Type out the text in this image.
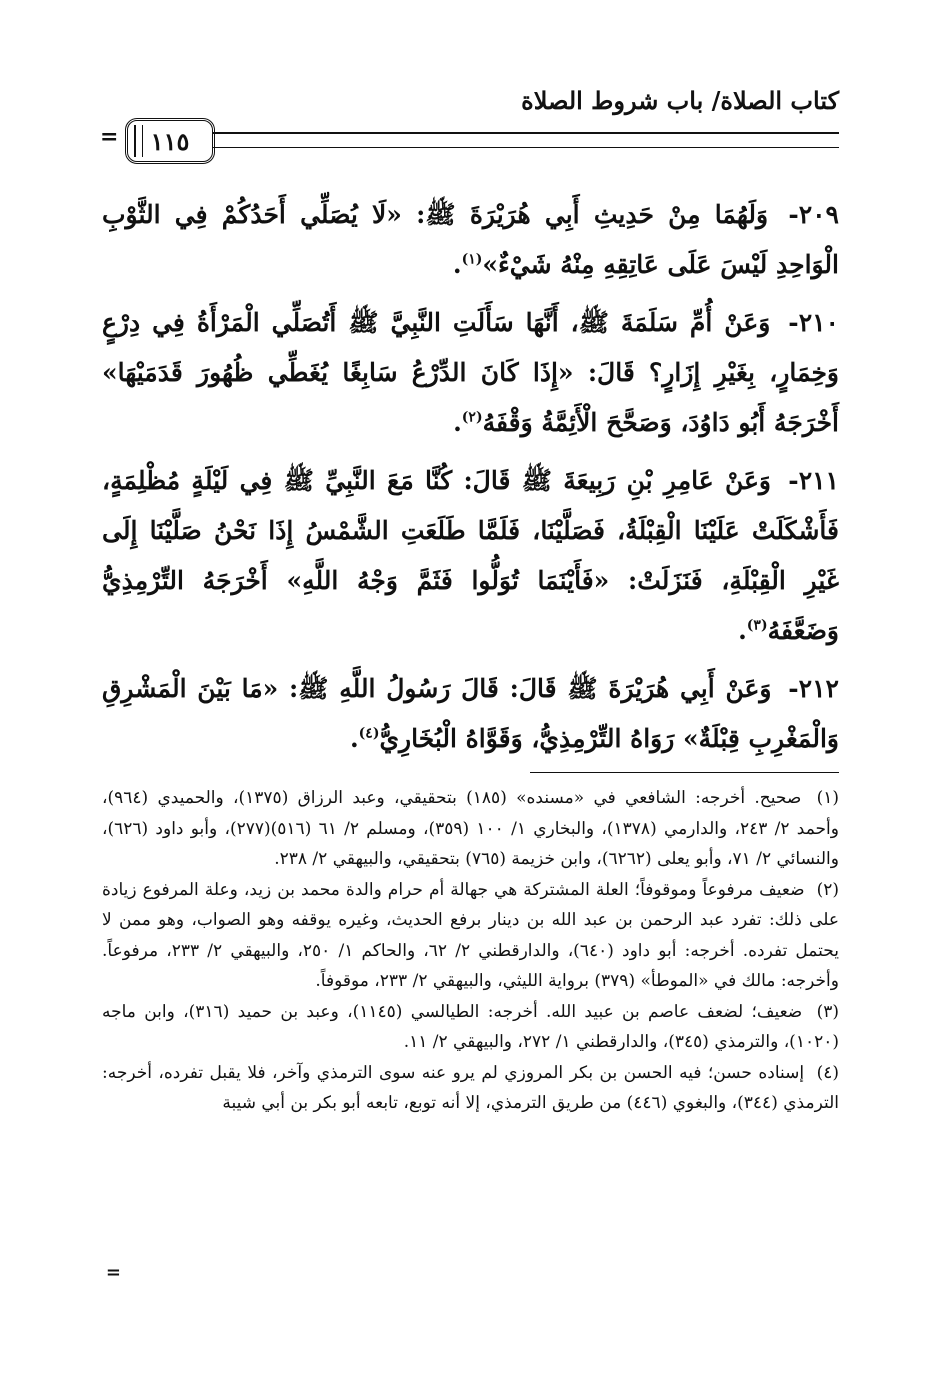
كتاب الصلاة/ باب شروط الصلاة
١١٥
=

٢٠٩- وَلَهُمَا مِنْ حَدِيثِ أَبِي هُرَيْرَةَ ﷺ: «لَا يُصَلِّي أَحَدُكُمْ فِي الثَّوْبِ الْوَاحِدِ لَيْسَ عَلَى عَاتِقِهِ مِنْهُ شَيْءٌ»$^{(١)}$.

٢١٠- وَعَنْ أُمِّ سَلَمَةَ ﷺ، أَنَّهَا سَأَلَتِ النَّبِيَّ ﷺ أَتُصَلِّي الْمَرْأَةُ فِي دِرْعٍ وَخِمَارٍ، بِغَيْرِ إِزَارٍ؟ قَالَ: «إِذَا كَانَ الدِّرْعُ سَابِغًا يُغَطِّي ظُهُورَ قَدَمَيْهَا» أَخْرَجَهُ أَبُو دَاوُدَ، وَصَحَّحَ الْأَئِمَّةُ وَقْفَهُ$^{(٢)}$.

٢١١- وَعَنْ عَامِرِ بْنِ رَبِيعَةَ ﷺ قَالَ: كُنَّا مَعَ النَّبِيِّ ﷺ فِي لَيْلَةٍ مُظْلِمَةٍ، فَأَشْكَلَتْ عَلَيْنَا الْقِبْلَةُ، فَصَلَّيْنَا، فَلَمَّا طَلَعَتِ الشَّمْسُ إِذَا نَحْنُ صَلَّيْنَا إِلَى غَيْرِ الْقِبْلَةِ، فَنَزَلَتْ: «فَأَيْنَمَا تُوَلُّوا فَثَمَّ وَجْهُ اللَّهِ» أَخْرَجَهُ التِّرْمِذِيُّ وَضَعَّفَهُ$^{(٣)}$.

٢١٢- وَعَنْ أَبِي هُرَيْرَةَ ﷺ قَالَ: قَالَ رَسُولُ اللَّهِ ﷺ: «مَا بَيْنَ الْمَشْرِقِ وَالْمَغْرِبِ قِبْلَةٌ» رَوَاهُ التِّرْمِذِيُّ، وَقَوَّاهُ الْبُخَارِيُّ$^{(٤)}$.

(١) صحيح. أخرجه: الشافعي في «مسنده» (١٨٥) بتحقيقي، وعبد الرزاق (١٣٧٥)، والحميدي (٩٦٤)، وأحمد ٢/ ٢٤٣، والدارمي (١٣٧٨)، والبخاري ١/ ١٠٠ (٣٥٩)، ومسلم ٢/ ٦١ (٥١٦)(٢٧٧)، وأبو داود (٦٢٦)، والنسائي ٢/ ٧١، وأبو يعلى (٦٢٦٢)، وابن خزيمة (٧٦٥) بتحقيقي، والبيهقي ٢/ ٢٣٨.

(٢) ضعيف مرفوعاً وموقوفاً؛ العلة المشتركة هي جهالة أم حرام والدة محمد بن زيد، وعلة المرفوع زيادة على ذلك: تفرد عبد الرحمن بن عبد الله بن دينار برفع الحديث، وغيره يوقفه وهو الصواب، وهو ممن لا يحتمل تفرده. أخرجه: أبو داود (٦٤٠)، والدارقطني ٢/ ٦٢، والحاكم ١/ ٢٥٠، والبيهقي ٢/ ٢٣٣، مرفوعاً. وأخرجه: مالك في «الموطأ» (٣٧٩) برواية الليثي، والبيهقي ٢/ ٢٣٣، موقوفاً.

(٣) ضعيف؛ لضعف عاصم بن عبيد الله. أخرجه: الطيالسي (١١٤٥)، وعبد بن حميد (٣١٦)، وابن ماجه (١٠٢٠)، والترمذي (٣٤٥)، والدارقطني ١/ ٢٧٢، والبيهقي ٢/ ١١.

(٤) إسناده حسن؛ فيه الحسن بن بكر المروزي لم يرو عنه سوى الترمذي وآخر، فلا يقبل تفرده، أخرجه: الترمذي (٣٤٤)، والبغوي (٤٤٦) من طريق الترمذي، إلا أنه توبع، تابعه أبو بكر بن أبي شيبة

=
